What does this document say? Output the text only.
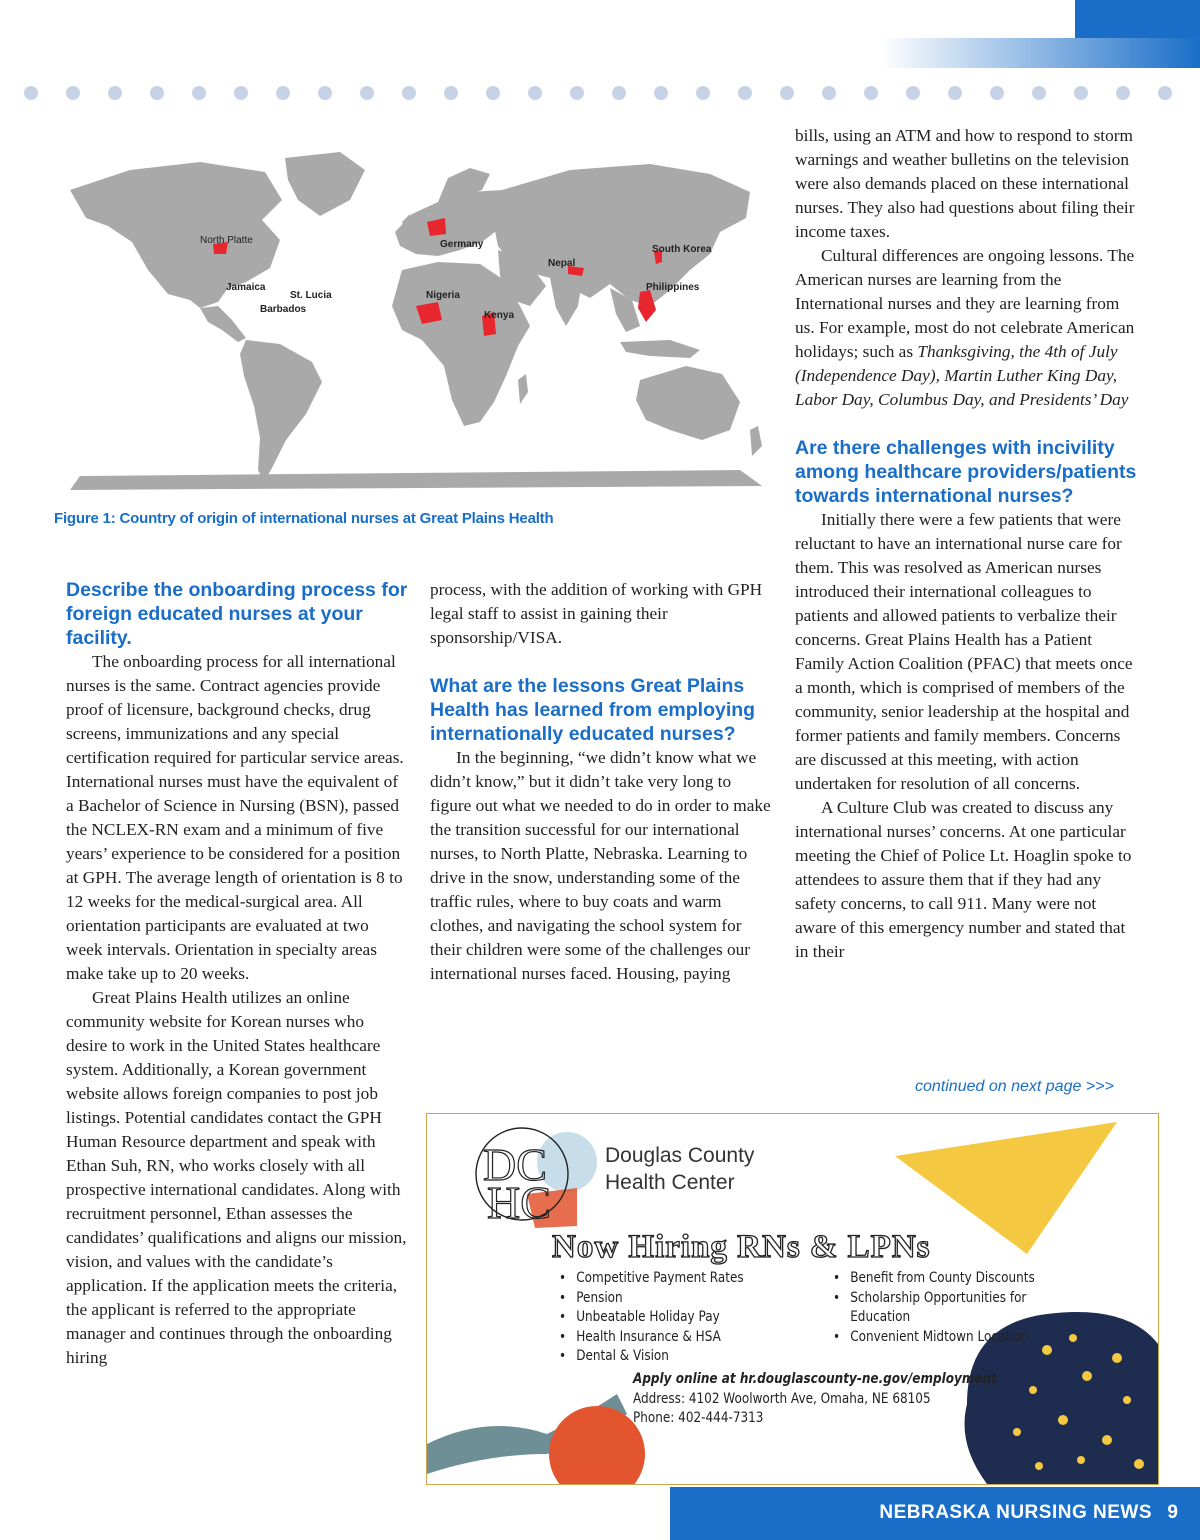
North Platte
Jamaica
St. Lucia
Barbados
Germany
Nigeria
Kenya
Nepal
South Korea
Philippines
Figure 1: Country of origin of international nurses at Great Plains Health
Describe the onboarding process for foreign educated nurses at your facility.

The onboarding process for all international nurses is the same. Contract agencies provide proof of licensure, background checks, drug screens, immunizations and any special certification required for particular service areas. International nurses must have the equivalent of a Bachelor of Science in Nursing (BSN), passed the NCLEX-RN exam and a minimum of five years’ experience to be considered for a position at GPH. The average length of orientation is 8 to 12 weeks for the medical-surgical area. All orientation participants are evaluated at two week intervals. Orientation in specialty areas make take up to 20 weeks.

Great Plains Health utilizes an online community website for Korean nurses who desire to work in the United States healthcare system. Additionally, a Korean government website allows foreign companies to post job listings. Potential candidates contact the GPH Human Resource department and speak with Ethan Suh, RN, who works closely with all prospective international candidates. Along with recruitment personnel, Ethan assesses the candidates’ qualifications and aligns our mission, vision, and values with the candidate’s application. If the application meets the criteria, the applicant is referred to the appropriate manager and continues through the onboarding hiring

process, with the addition of working with GPH legal staff to assist in gaining their sponsorship/VISA.

What are the lessons Great Plains Health has learned from employing internationally educated nurses?

In the beginning, “we didn’t know what we didn’t know,” but it didn’t take very long to figure out what we needed to do in order to make the transition successful for our international nurses, to North Platte, Nebraska. Learning to drive in the snow, understanding some of the traffic rules, where to buy coats and warm clothes, and navigating the school system for their children were some of the challenges our international nurses faced. Housing, paying

bills, using an ATM and how to respond to storm warnings and weather bulletins on the television were also demands placed on these international nurses. They also had questions about filing their income taxes.

Cultural differences are ongoing lessons. The American nurses are learning from the International nurses and they are learning from us. For example, most do not celebrate American holidays; such as Thanksgiving, the 4th of July (Independence Day), Martin Luther King Day, Labor Day, Columbus Day, and Presidents’ Day

Are there challenges with incivility among healthcare providers/patients towards international nurses?

Initially there were a few patients that were reluctant to have an international nurse care for them. This was resolved as American nurses introduced their international colleagues to patients and allowed patients to verbalize their concerns. Great Plains Health has a Patient Family Action Coalition (PFAC) that meets once a month, which is comprised of members of the community, senior leadership at the hospital and former patients and family members. Concerns are discussed at this meeting, with action undertaken for resolution of all concerns.

A Culture Club was created to discuss any international nurses’ concerns. At one particular meeting the Chief of Police Lt. Hoaglin spoke to attendees to assure them that if they had any safety concerns, to call 911. Many were not aware of this emergency number and stated that in their

continued on next page >>>
DC
HC
Douglas County
Health Center
Now Hiring RNs & LPNs
• Competitive Payment Rates
• Pension
• Unbeatable Holiday Pay
• Health Insurance & HSA
• Dental & Vision
• Benefit from County Discounts
• Scholarship Opportunities for Education
• Convenient Midtown Location
Apply online at hr.douglascounty-ne.gov/employment
Address: 4102 Woolworth Ave, Omaha, NE 68105
Phone: 402-444-7313
NEBRASKA NURSING NEWS 9
